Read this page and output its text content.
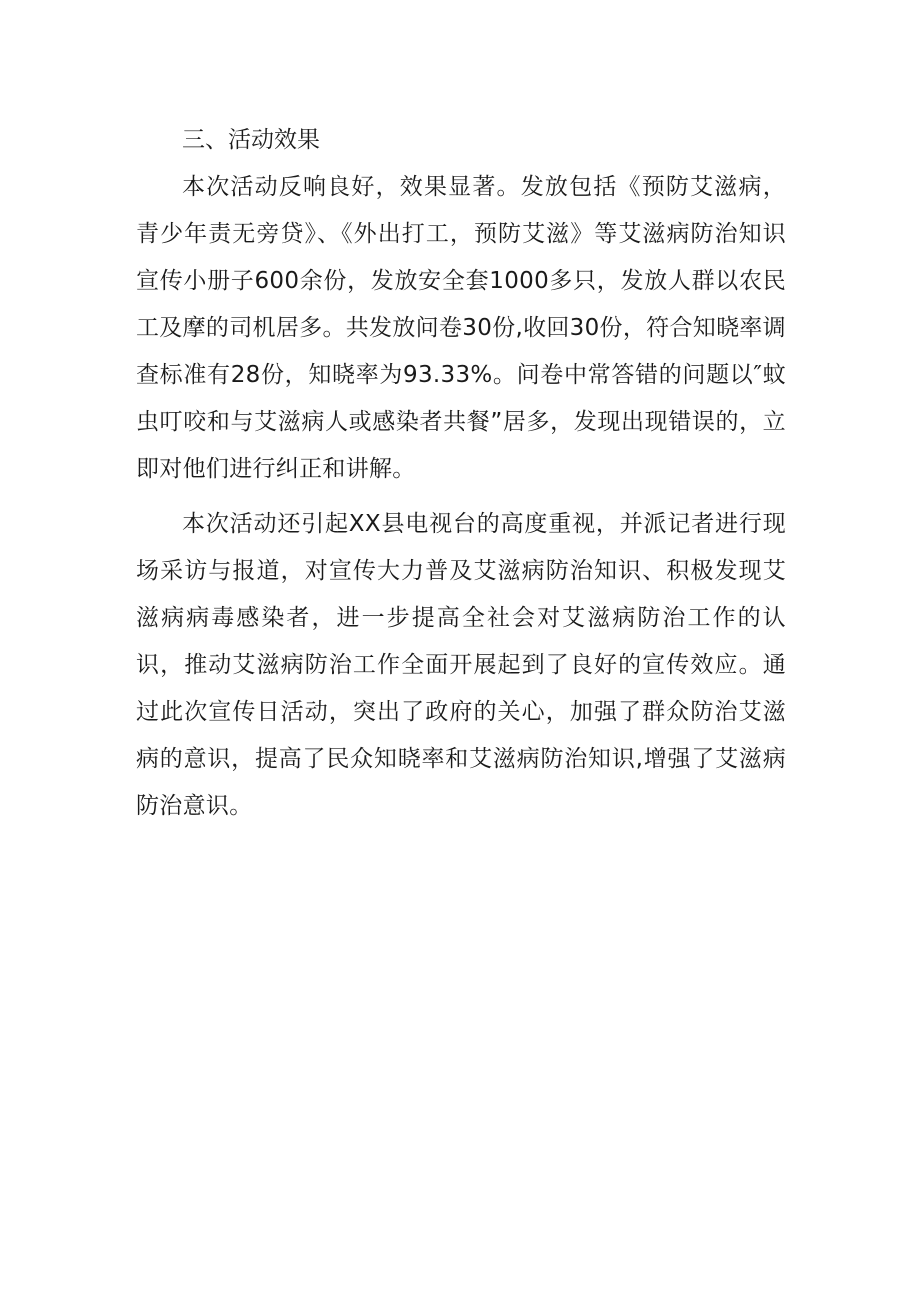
三、活动效果

本次活动反响良好，效果显著。发放包括《预防艾滋病，青少年责无旁贷》、《外出打工，预防艾滋》等艾滋病防治知识宣传小册子600余份，发放安全套1000多只，发放人群以农民工及摩的司机居多。共发放问卷30份,收回30份，符合知晓率调查标准有28份，知晓率为93.33%。问卷中常答错的问题以″蚊虫叮咬和与艾滋病人或感染者共餐”居多，发现出现错误的，立即对他们进行纠正和讲解。

本次活动还引起XX县电视台的高度重视，并派记者进行现场采访与报道，对宣传大力普及艾滋病防治知识、积极发现艾滋病病毒感染者，进一步提高全社会对艾滋病防治工作的认识，推动艾滋病防治工作全面开展起到了良好的宣传效应。通过此次宣传日活动，突出了政府的关心，加强了群众防治艾滋病的意识，提高了民众知晓率和艾滋病防治知识,增强了艾滋病防治意识。
